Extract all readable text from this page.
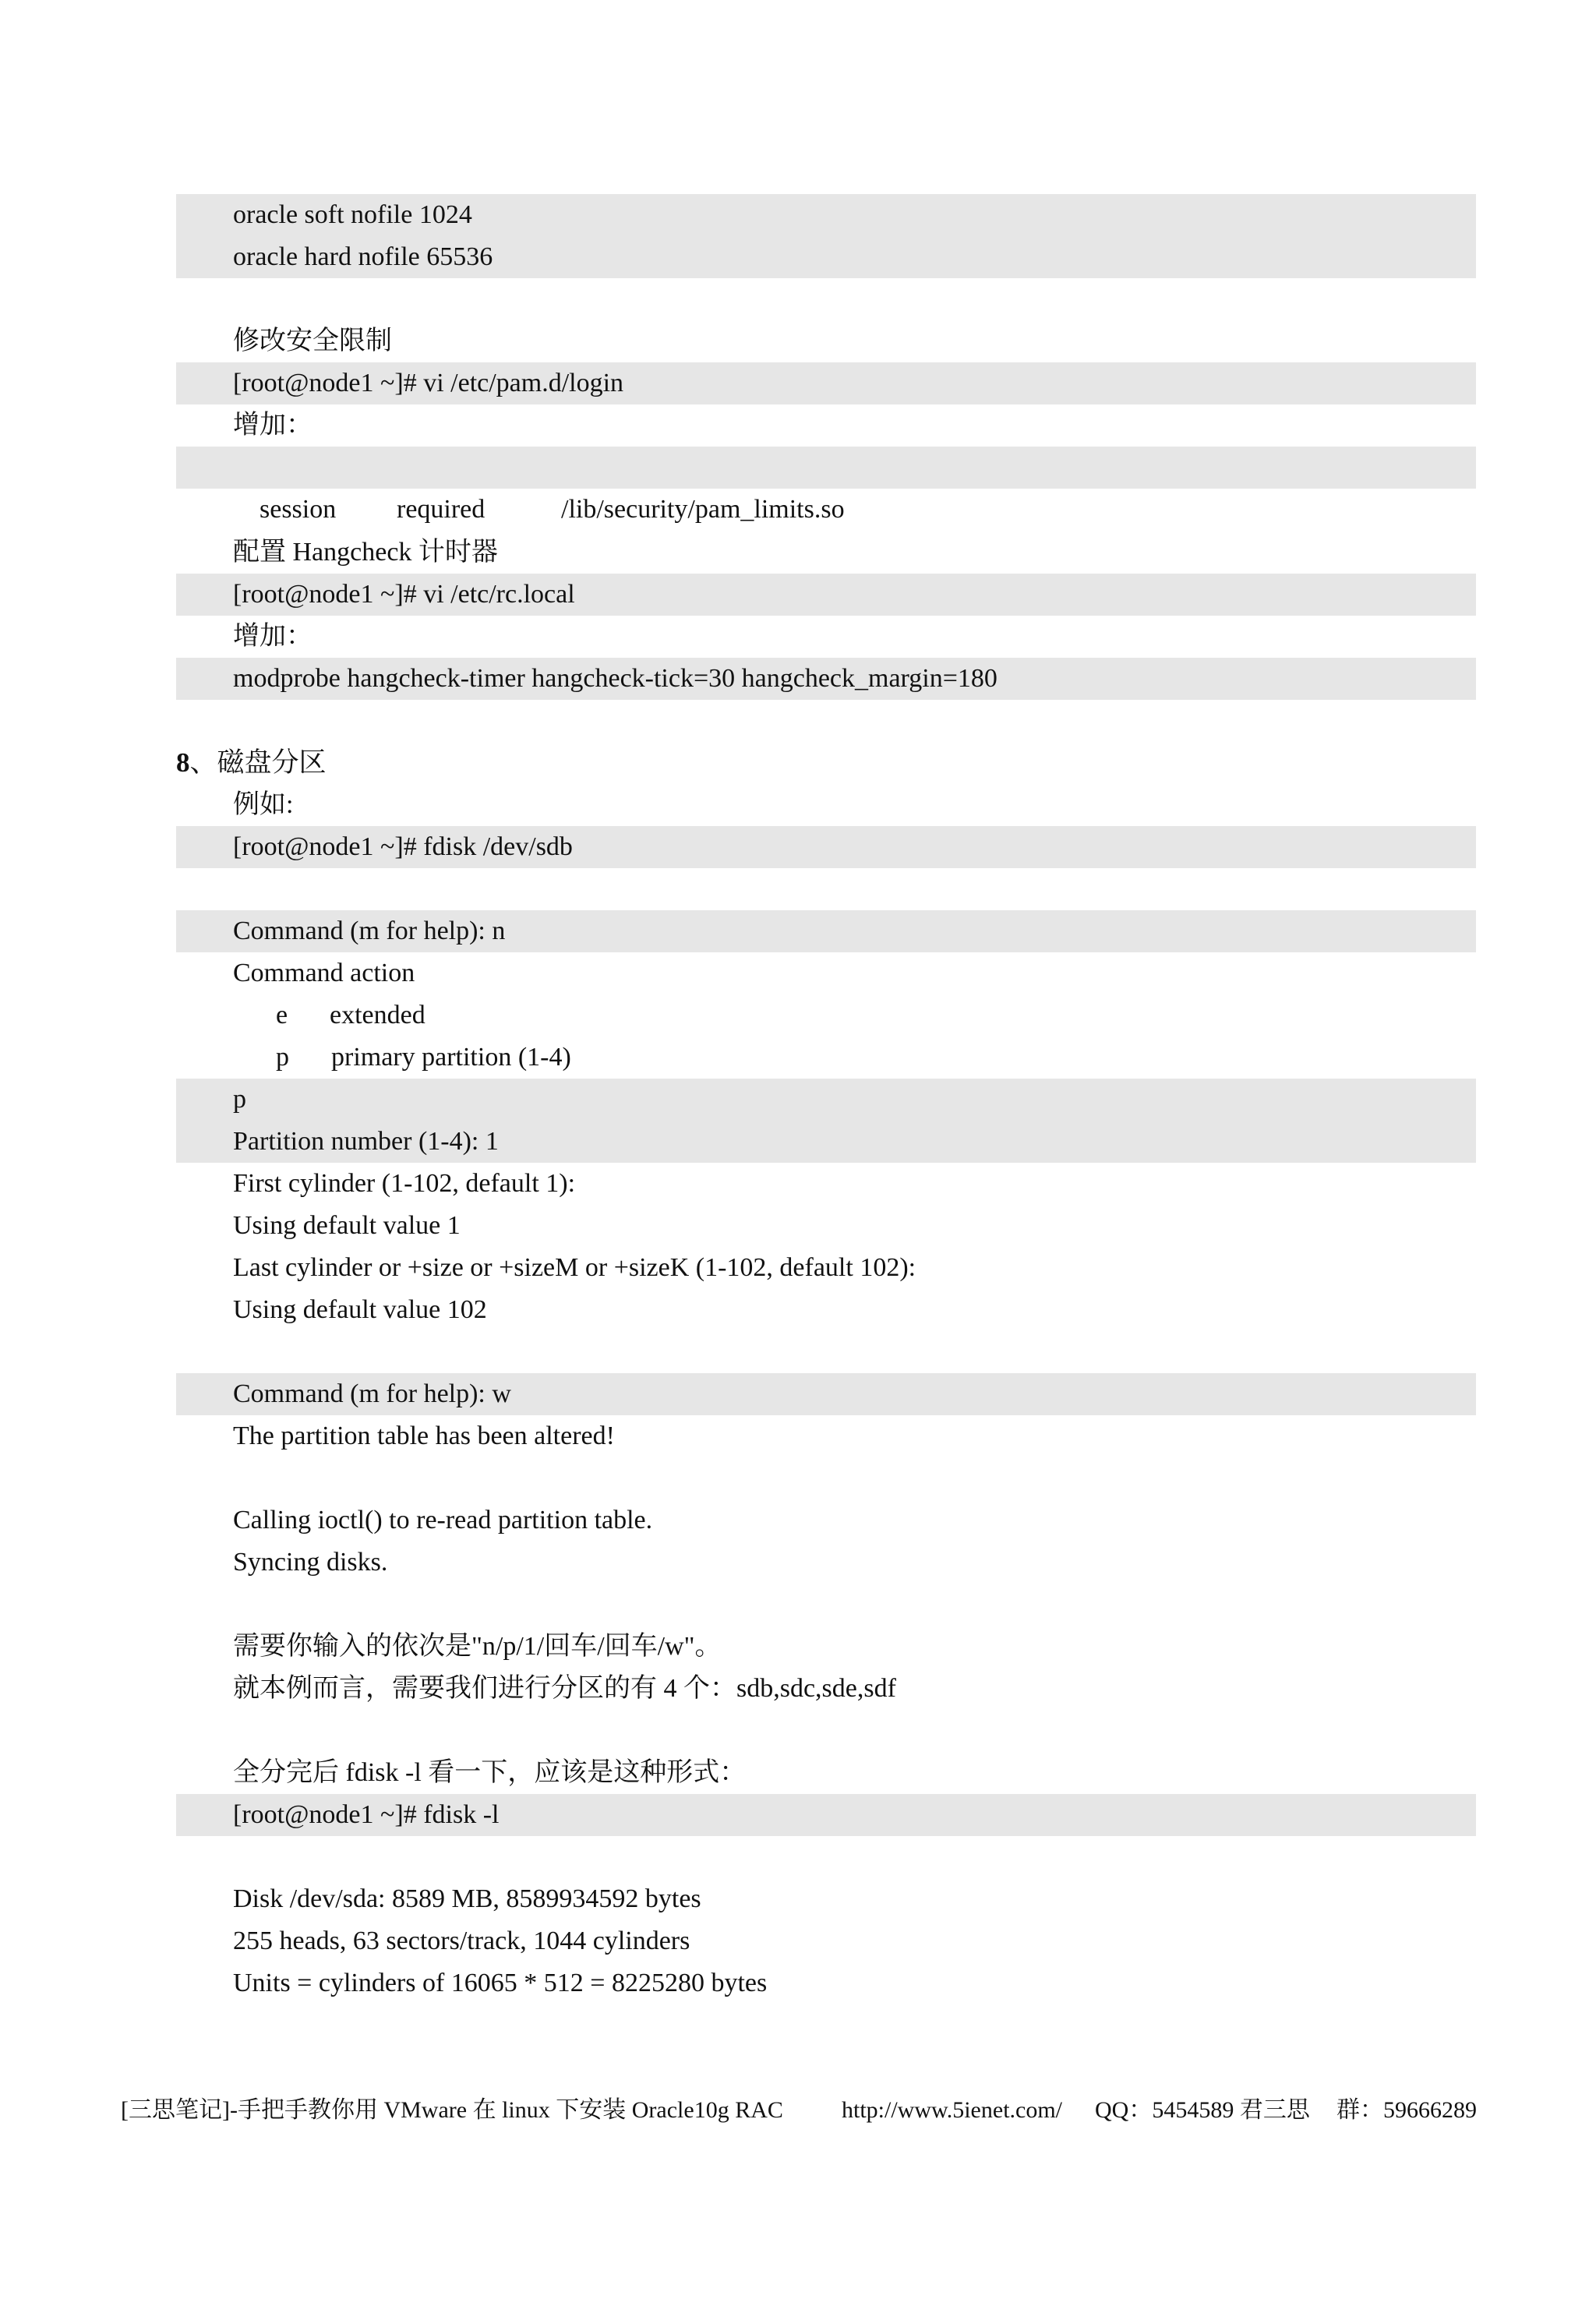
oracle soft nofile 1024
oracle hard nofile 65536
修改安全限制
[root@node1 ~]# vi /etc/pam.d/login
增加：

session required	/lib/security/pam_limits.so

配置 Hangcheck 计时器
[root@node1 ~]# vi /etc/rc.local
增加：
modprobe hangcheck-timer hangcheck-tick=30 hangcheck_margin=180
8、磁盘分区
例如:
[root@node1 ~]# fdisk /dev/sdb
Command (m for help): n
Command action
e extended
p primary partition (1-4)
p
Partition number (1-4): 1
First cylinder (1-102, default 1):
Using default value 1
Last cylinder or +size or +sizeM or +sizeK (1-102, default 102):
Using default value 102
Command (m for help): w
The partition table has been altered!
Calling ioctl() to re-read partition table.
Syncing disks.
需要你输入的依次是"n/p/1/回车/回车/w"。
就本例而言，需要我们进行分区的有 4 个：sdb,sdc,sde,sdf
全分完后 fdisk -l 看一下，应该是这种形式：
[root@node1 ~]# fdisk -l
Disk /dev/sda: 8589 MB, 8589934592 bytes
255 heads, 63 sectors/track, 1044 cylinders
Units = cylinders of 16065 * 512 = 8225280 bytes

[三思笔记]-手把手教你用 VMware 在 linux 下安装 Oracle10g RAC

	http://www.5ienet.com/

QQ：5454589 君三思

群：59666289
